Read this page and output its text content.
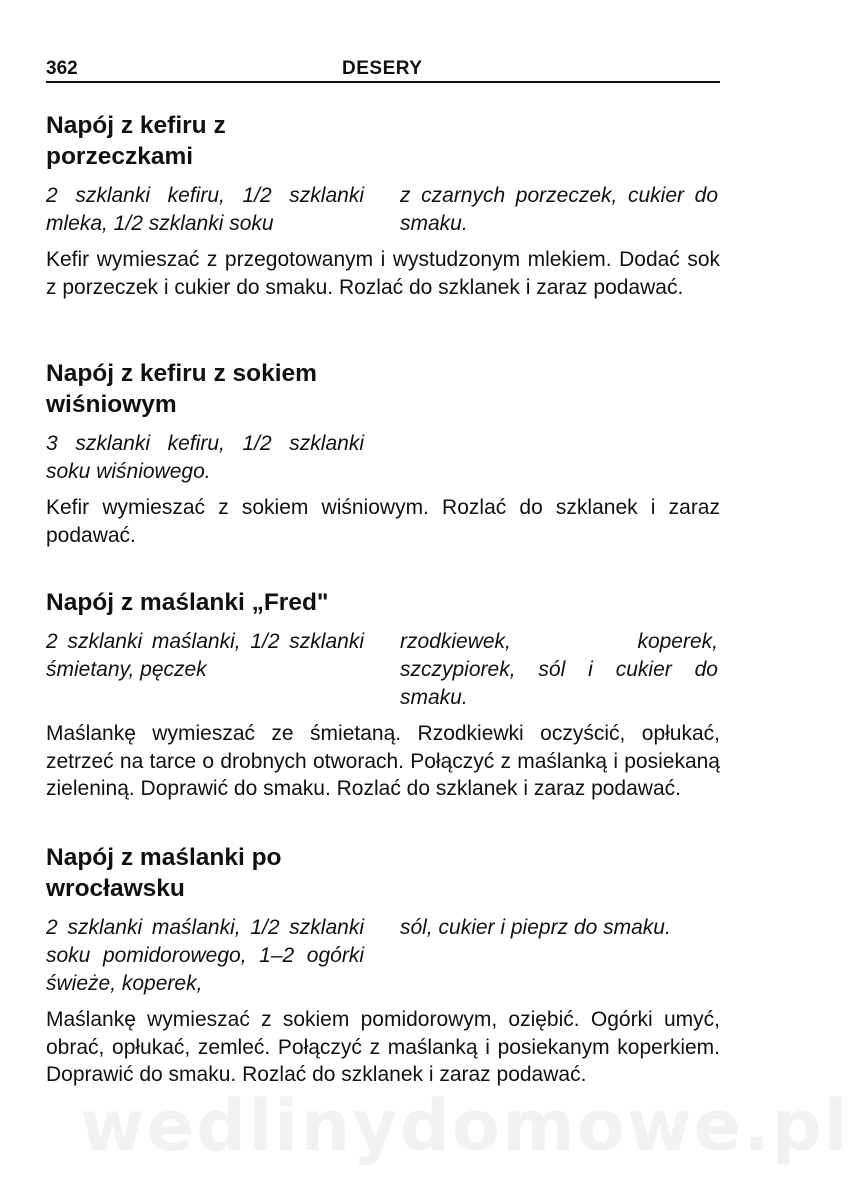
362	DESERY
Napój z kefiru z porzeczkami
2 szklanki kefiru, 1/2 szklanki mleka, 1/2 szklanki soku
z czarnych porzeczek, cukier do smaku.
Kefir wymieszać z przegotowanym i wystudzonym mlekiem. Dodać sok z porzeczek i cukier do smaku. Rozlać do szklanek i zaraz podawać.
Napój z kefiru z sokiem wiśniowym
3 szklanki kefiru, 1/2 szklanki soku wiśniowego.
Kefir wymieszać z sokiem wiśniowym. Rozlać do szklanek i zaraz podawać.
Napój z maślanki „Fred"
2 szklanki maślanki, 1/2 szklanki śmietany, pęczek
rzodkiewek, koperek, szczypiorek, sól i cukier do smaku.
Maślankę wymieszać ze śmietaną. Rzodkiewki oczyścić, opłukać, zetrzeć na tarce o drobnych otworach. Połączyć z maślanką i posiekaną zieleniną. Doprawić do smaku. Rozlać do szklanek i zaraz podawać.
Napój z maślanki po wrocławsku
2 szklanki maślanki, 1/2 szklanki soku pomidorowego, 1–2 ogórki świeże, koperek,
sól, cukier i pieprz do smaku.
Maślankę wymieszać z sokiem pomidorowym, oziębić. Ogórki umyć, obrać, opłukać, zemleć. Połączyć z maślanką i posiekanym koperkiem. Doprawić do smaku. Rozlać do szklanek i zaraz podawać.
wedlinydomowe.pl
